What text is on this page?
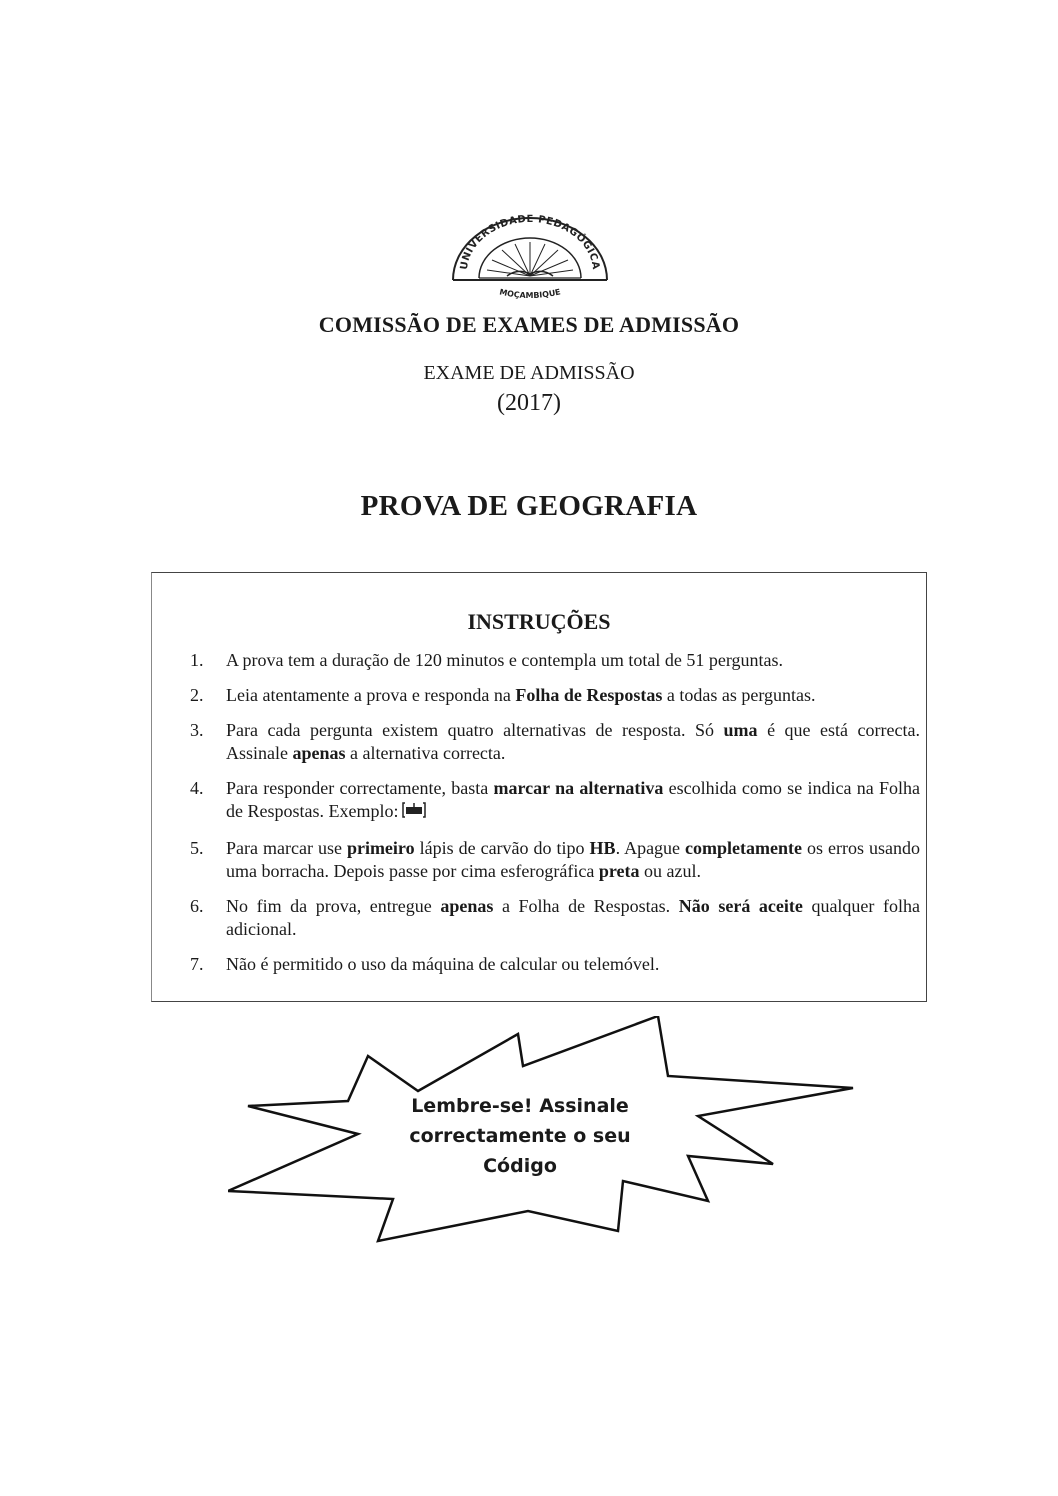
UNIVERSIDADE PEDAGÓGICA
MOÇAMBIQUE
COMISSÃO DE EXAMES DE ADMISSÃO
EXAME DE ADMISSÃO
(2017)
PROVA DE GEOGRAFIA
INSTRUÇÕES
1.	A prova tem a duração de 120 minutos e contempla um total de 51 perguntas.
2.	Leia atentamente a prova e responda na Folha de Respostas a todas as perguntas.
3.	Para cada pergunta existem quatro alternativas de resposta. Só uma é que está correcta. Assinale apenas a alternativa correcta.
4.	Para responder correctamente, basta marcar na alternativa escolhida como se indica na Folha de Respostas. Exemplo:
5.	Para marcar use primeiro lápis de carvão do tipo HB. Apague completamente os erros usando uma borracha. Depois passe por cima esferográfica preta ou azul.
6.	No fim da prova, entregue apenas a Folha de Respostas. Não será aceite qualquer folha adicional.
7.	Não é permitido o uso da máquina de calcular ou telemóvel.
Lembre-se! Assinale
correctamente o seu
Código
